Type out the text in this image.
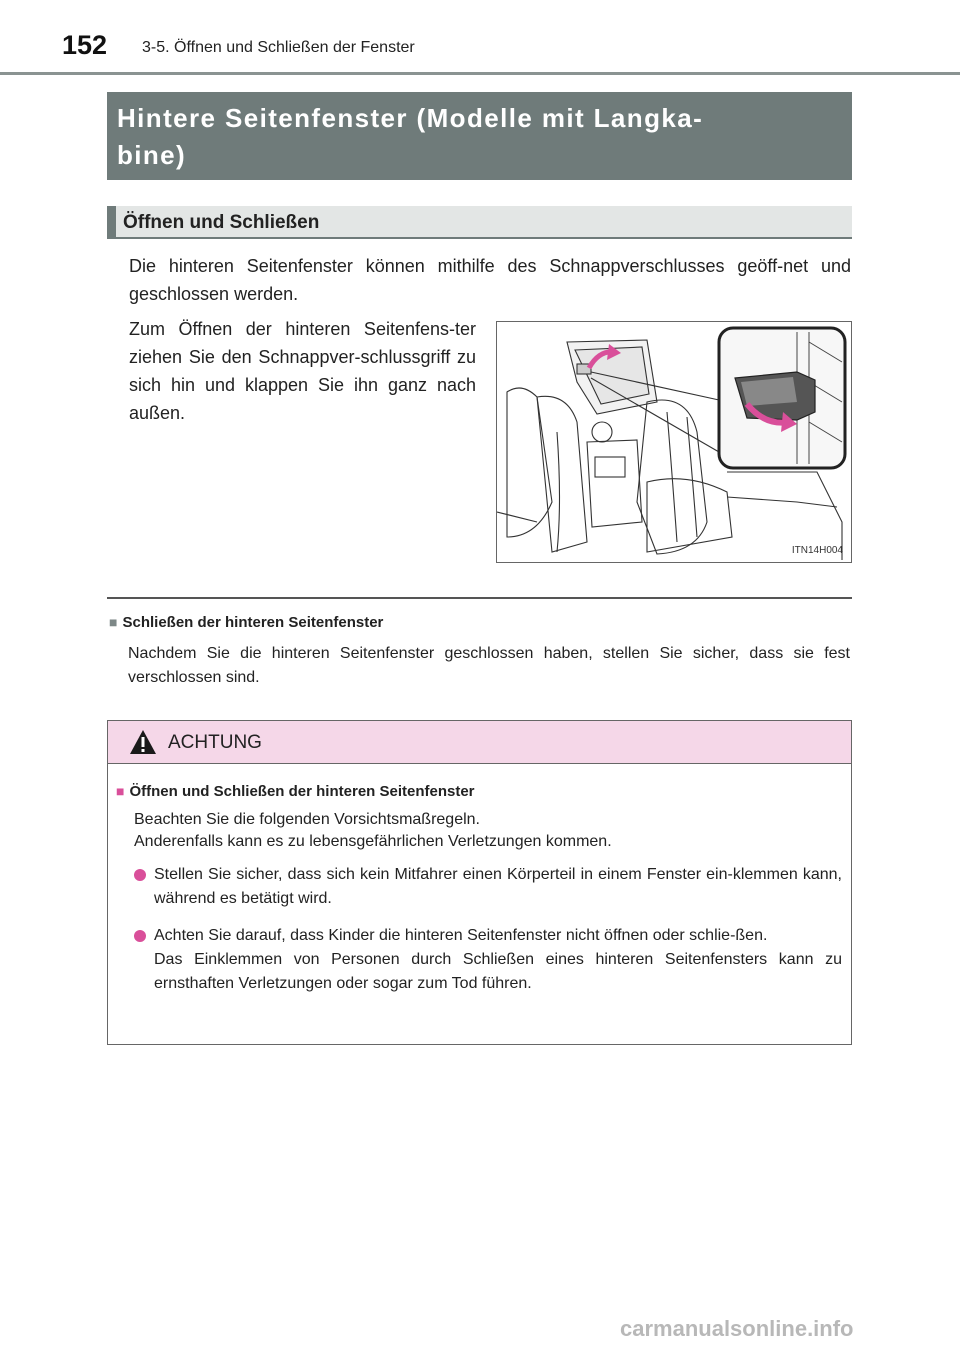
152 3-5. Öffnen und Schließen der Fenster
Hintere Seitenfenster (Modelle mit Langka-
bine)
Öffnen und Schließen
Die hinteren Seitenfenster können mithilfe des Schnappverschlusses geöff-net und geschlossen werden.
Zum Öffnen der hinteren Seitenfens-ter ziehen Sie den Schnappver-schlussgriff zu sich hin und klappen Sie ihn ganz nach außen.
ITN14H004
■ Schließen der hinteren Seitenfenster
Nachdem Sie die hinteren Seitenfenster geschlossen haben, stellen Sie sicher, dass sie fest verschlossen sind.
ACHTUNG
■ Öffnen und Schließen der hinteren Seitenfenster
Beachten Sie die folgenden Vorsichtsmaßregeln.
Anderenfalls kann es zu lebensgefährlichen Verletzungen kommen.
Stellen Sie sicher, dass sich kein Mitfahrer einen Körperteil in einem Fenster ein-klemmen kann, während es betätigt wird.
Achten Sie darauf, dass Kinder die hinteren Seitenfenster nicht öffnen oder schlie-ßen.
Das Einklemmen von Personen durch Schließen eines hinteren Seitenfensters kann zu ernsthaften Verletzungen oder sogar zum Tod führen.
carmanualsonline.info
